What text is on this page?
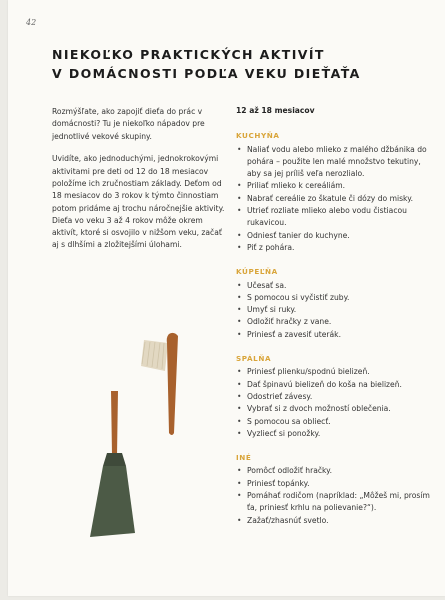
42
NIEKOĽKO PRAKTICKÝCH AKTIVÍT
V DOMÁCNOSTI PODĽA VEKU DIEŤAŤA

Rozmýšľate, ako zapojiť dieťa do prác v domácnosti? Tu je niekoľko nápadov pre jednotlivé vekové skupiny.

Uvidíte, ako jednoduchými, jednokrokovými aktivitami pre deti od 12 do 18 mesiacov položíme ich zručnostiam základy. Deťom od 18 mesiacov do 3 rokov k týmto činnostiam potom pridáme aj trochu náročnejšie aktivity. Dieťa vo veku 3 až 4 rokov môže okrem aktivít, ktoré si osvojilo v nižšom veku, začať aj s dlhšími a zložitejšími úlohami.

12 až 18 mesiacov
KUCHYŇA
• Naliať vodu alebo mlieko z malého džbánika do pohára – použite len malé množstvo tekutiny, aby sa jej príliš veľa nerozlialo.
• Priliať mlieko k cereáliám.
• Nabrať cereálie zo škatule či dózy do misky.
• Utrieť rozliate mlieko alebo vodu čistiacou rukavicou.
• Odniesť tanier do kuchyne.
• Piť z pohára.
KÚPEĽŇA
• Učesať sa.
• S pomocou si vyčistiť zuby.
• Umyť si ruky.
• Odložiť hračky z vane.
• Priniesť a zavesiť uterák.
SPÁLŇA
• Priniesť plienku/spodnú bielizeň.
• Dať špinavú bielizeň do koša na bielizeň.
• Odostrieť závesy.
• Vybrať si z dvoch možností oblečenia.
• S pomocou sa obliecť.
• Vyzliecť si ponožky.
INÉ
• Pomôcť odložiť hračky.
• Priniesť topánky.
• Pomáhať rodičom (napríklad: „Môžeš mi, prosím ťa, priniesť krhlu na polievanie?“).
• Zažať/zhasnúť svetlo.
